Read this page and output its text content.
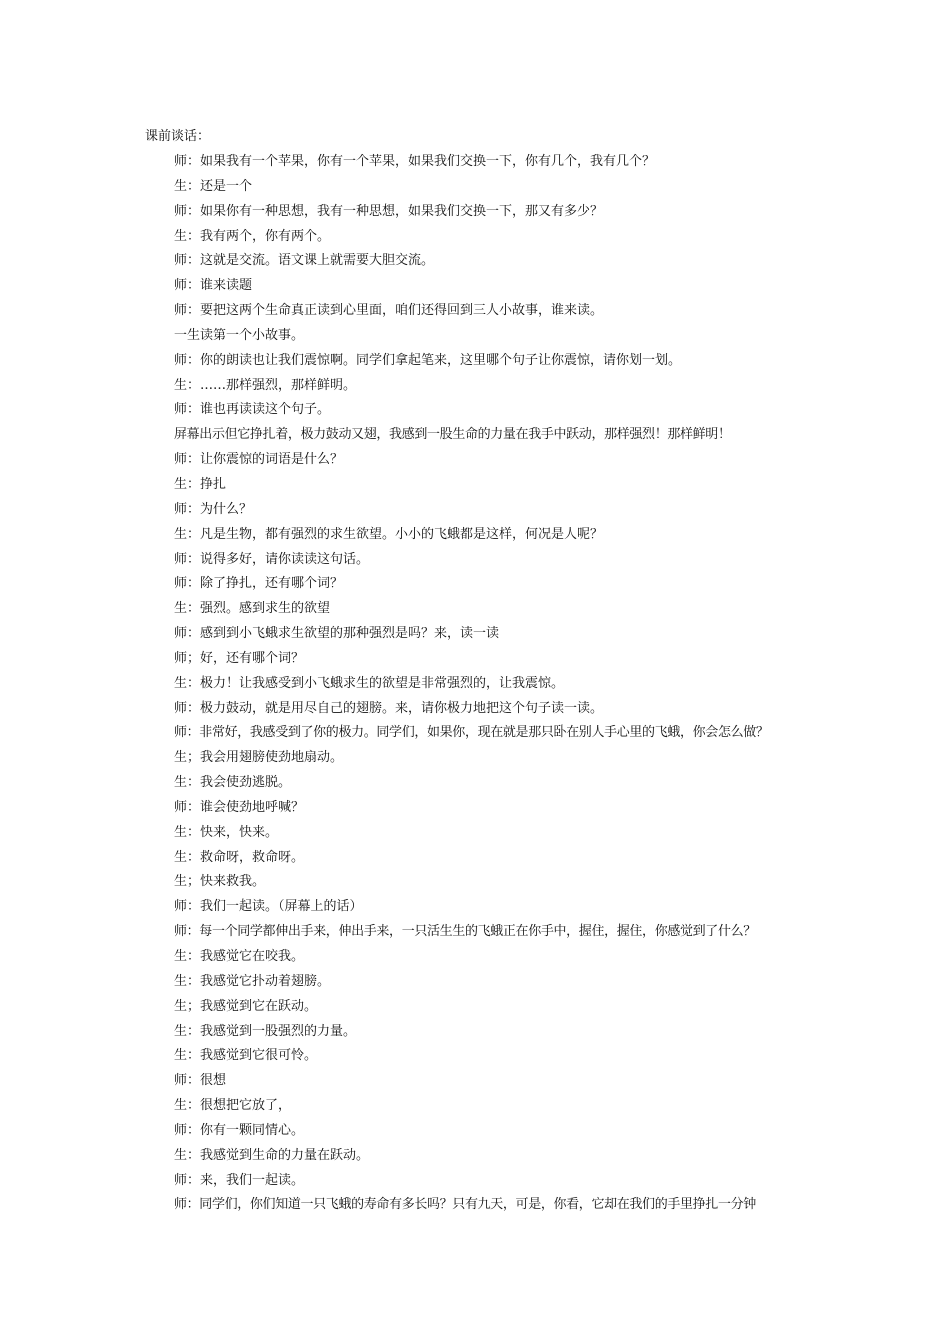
课前谈话：
师：如果我有一个苹果，你有一个苹果，如果我们交换一下，你有几个，我有几个？
生：还是一个
师：如果你有一种思想，我有一种思想，如果我们交换一下，那又有多少？
生：我有两个，你有两个。
师：这就是交流。语文课上就需要大胆交流。
师：谁来读题
师：要把这两个生命真正读到心里面，咱们还得回到三人小故事，谁来读。
一生读第一个小故事。
师：你的朗读也让我们震惊啊。同学们拿起笔来，这里哪个句子让你震惊，请你划一划。
生：……那样强烈，那样鲜明。
师：谁也再读读这个句子。
屏幕出示但它挣扎着，极力鼓动又翅，我感到一股生命的力量在我手中跃动，那样强烈！那样鲜明！
师：让你震惊的词语是什么？
生：挣扎
师：为什么？
生：凡是生物，都有强烈的求生欲望。小小的飞蛾都是这样，何况是人呢？
师：说得多好，请你读读这句话。
师：除了挣扎，还有哪个词？
生：强烈。感到求生的欲望
师：感到到小飞蛾求生欲望的那种强烈是吗？来，读一读
师；好，还有哪个词？
生：极力！让我感受到小飞蛾求生的欲望是非常强烈的，让我震惊。
师：极力鼓动，就是用尽自己的翅膀。来，请你极力地把这个句子读一读。
师：非常好，我感受到了你的极力。同学们，如果你，现在就是那只卧在别人手心里的飞蛾，你会怎么做？
生；我会用翅膀使劲地扇动。
生：我会使劲逃脱。
师：谁会使劲地呼喊？
生：快来，快来。
生：救命呀，救命呀。
生；快来救我。
师：我们一起读。（屏幕上的话）
师：每一个同学都伸出手来，伸出手来，一只活生生的飞蛾正在你手中，握住，握住，你感觉到了什么？
生：我感觉它在咬我。
生：我感觉它扑动着翅膀。
生；我感觉到它在跃动。
生：我感觉到一股强烈的力量。
生：我感觉到它很可怜。
师：很想
生：很想把它放了，
师：你有一颗同情心。
生：我感觉到生命的力量在跃动。
师：来，我们一起读。
师：同学们，你们知道一只飞蛾的寿命有多长吗？只有九天，可是，你看，它却在我们的手里挣扎一分钟
